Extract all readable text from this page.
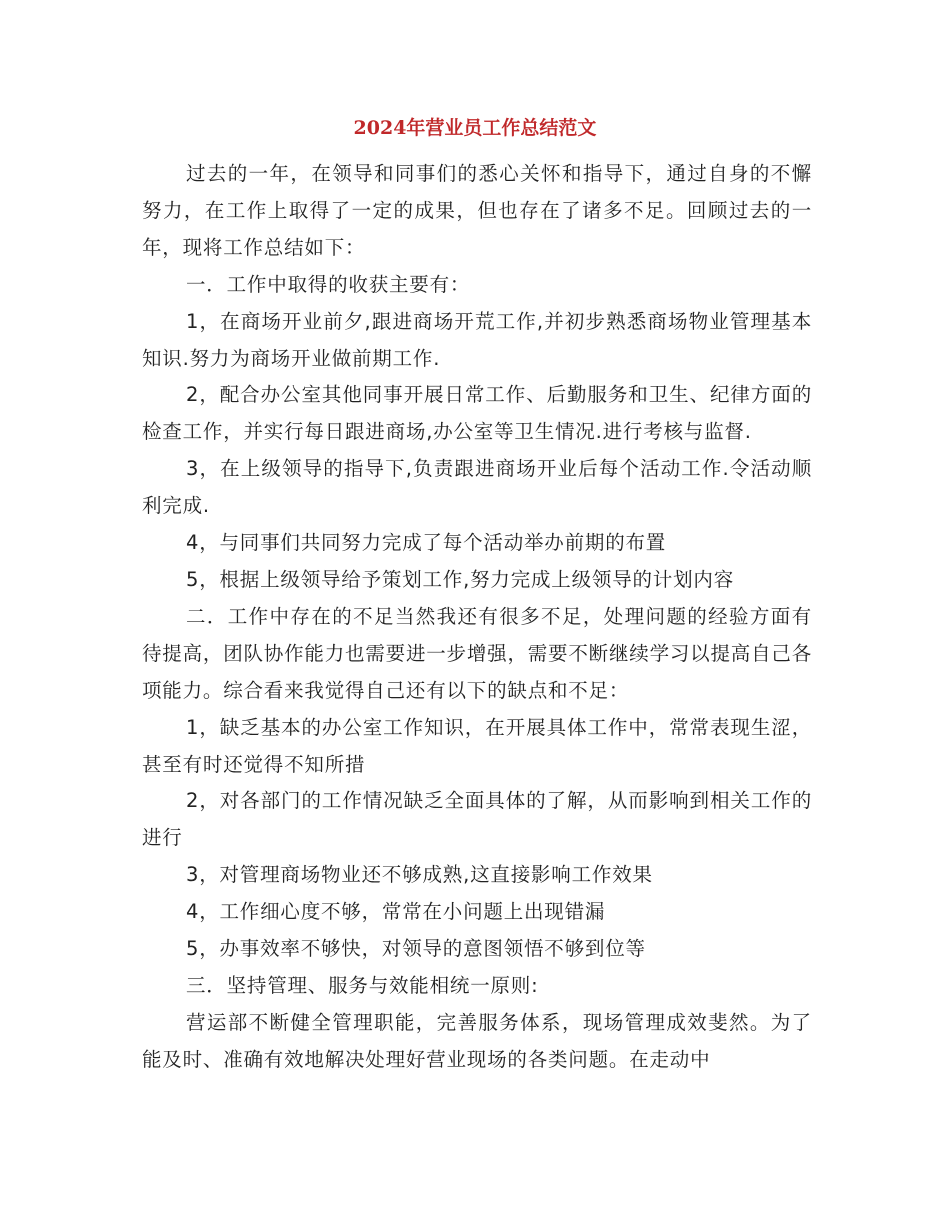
2024年营业员工作总结范文

过去的一年，在领导和同事们的悉心关怀和指导下，通过自身的不懈努力，在工作上取得了一定的成果，但也存在了诸多不足。回顾过去的一年，现将工作总结如下：

一．工作中取得的收获主要有：

1，在商场开业前夕,跟进商场开荒工作,并初步熟悉商场物业管理基本知识.努力为商场开业做前期工作.

2，配合办公室其他同事开展日常工作、后勤服务和卫生、纪律方面的检查工作，并实行每日跟进商场,办公室等卫生情况.进行考核与监督.

3，在上级领导的指导下,负责跟进商场开业后每个活动工作.令活动顺利完成.

4，与同事们共同努力完成了每个活动举办前期的布置

5，根据上级领导给予策划工作,努力完成上级领导的计划内容

二．工作中存在的不足当然我还有很多不足，处理问题的经验方面有待提高，团队协作能力也需要进一步增强，需要不断继续学习以提高自己各项能力。综合看来我觉得自己还有以下的缺点和不足：

1，缺乏基本的办公室工作知识，在开展具体工作中，常常表现生涩，甚至有时还觉得不知所措

2，对各部门的工作情况缺乏全面具体的了解，从而影响到相关工作的进行

3，对管理商场物业还不够成熟,这直接影响工作效果

4，工作细心度不够，常常在小问题上出现错漏

5，办事效率不够快，对领导的意图领悟不够到位等

三．坚持管理、服务与效能相统一原则:

营运部不断健全管理职能，完善服务体系，现场管理成效斐然。为了能及时、准确有效地解决处理好营业现场的各类问题。在走动中
